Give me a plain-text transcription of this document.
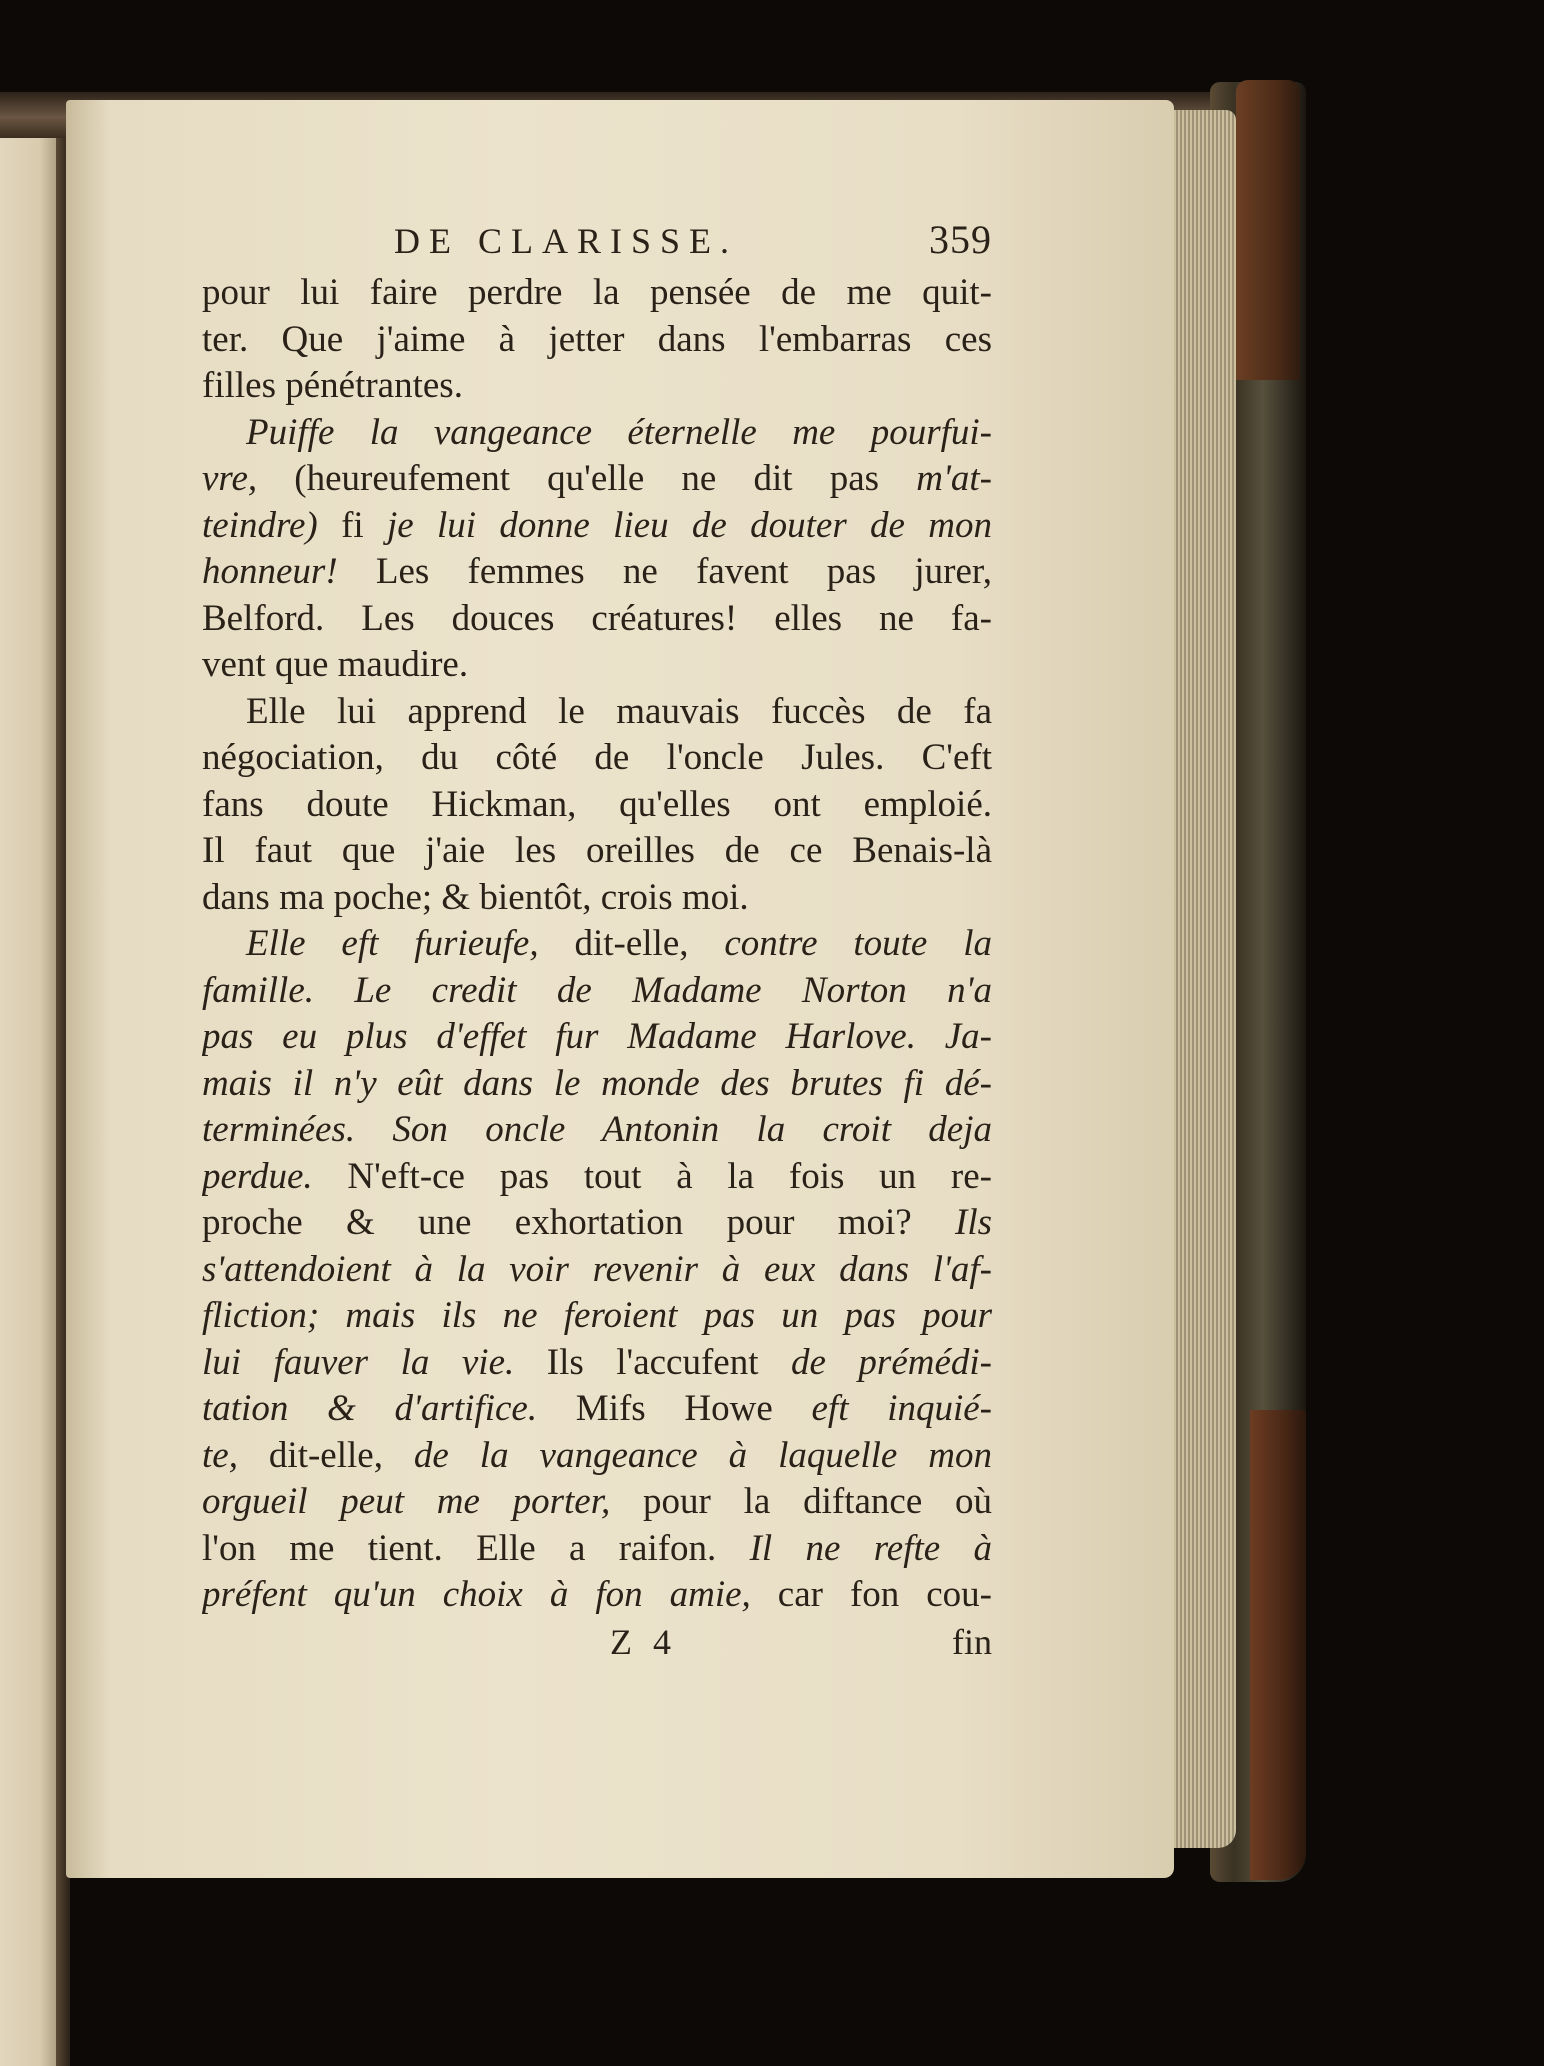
DE CLARISSE.	359
pour lui faire perdre la pensée de me quit-
ter. Que j'aime à jetter dans l'embarras ces
filles pénétrantes.
Puiffe la vangeance éternelle me pourfui-
vre, (heureufement qu'elle ne dit pas m'at-
teindre) fi je lui donne lieu de douter de mon
honneur! Les femmes ne favent pas jurer,
Belford. Les douces créatures! elles ne fa-
vent que maudire.
Elle lui apprend le mauvais fuccès de fa
négociation, du côté de l'oncle Jules. C'eft
fans doute Hickman, qu'elles ont emploié.
Il faut que j'aie les oreilles de ce Benais-là
dans ma poche; & bientôt, crois moi.
Elle eft furieufe, dit-elle, contre toute la
famille. Le credit de Madame Norton n'a
pas eu plus d'effet fur Madame Harlove. Ja-
mais il n'y eût dans le monde des brutes fi dé-
terminées. Son oncle Antonin la croit deja
perdue. N'eft-ce pas tout à la fois un re-
proche & une exhortation pour moi? Ils
s'attendoient à la voir revenir à eux dans l'af-
fliction; mais ils ne feroient pas un pas pour
lui fauver la vie. Ils l'accufent de prémédi-
tation & d'artifice. Mifs Howe eft inquié-
te, dit-elle, de la vangeance à laquelle mon
orgueil peut me porter, pour la diftance où
l'on me tient. Elle a raifon. Il ne refte à
préfent qu'un choix à fon amie, car fon cou-
Z 4	fin
